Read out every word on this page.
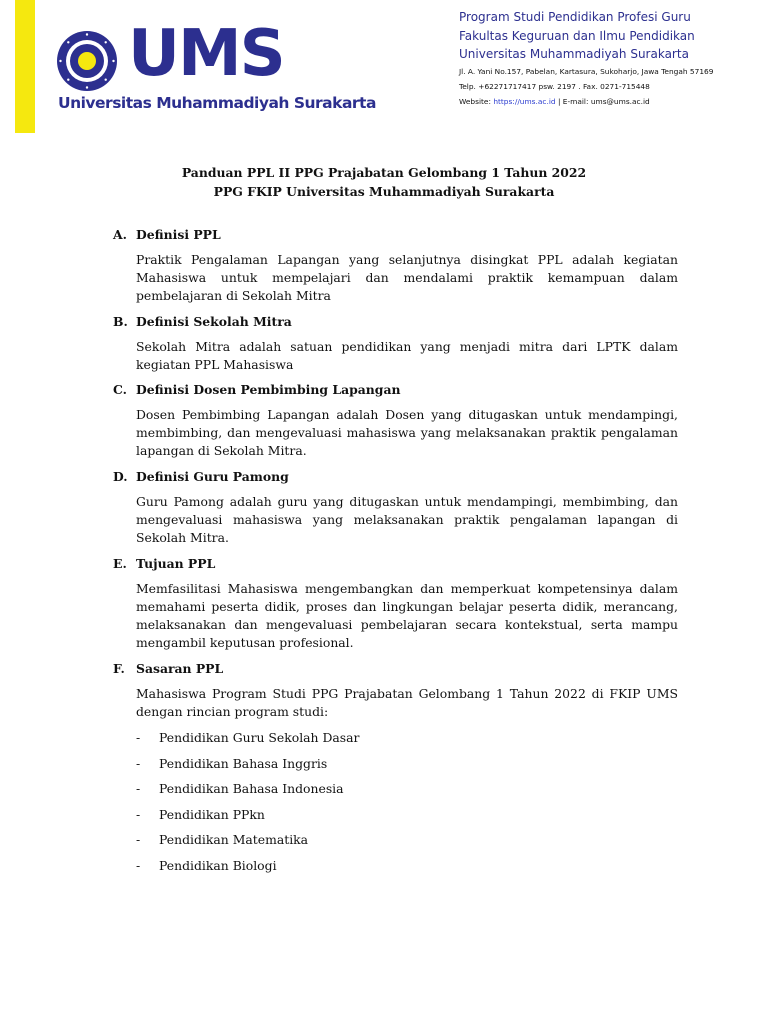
UMS
Universitas Muhammadiyah Surakarta
Program Studi Pendidikan Profesi Guru
Fakultas Keguruan dan Ilmu Pendidikan
Universitas Muhammadiyah Surakarta
Jl. A. Yani No.157, Pabelan, Kartasura, Sukoharjo, Jawa Tengah 57169
Telp. +62271717417 psw. 2197 . Fax. 0271-715448
Website: https://ums.ac.id | E-mail: ums@ums.ac.id
Panduan PPL II PPG Prajabatan Gelombang 1 Tahun 2022
PPG FKIP Universitas Muhammadiyah Surakarta
A. Definisi PPL
Praktik Pengalaman Lapangan yang selanjutnya disingkat PPL adalah kegiatan Mahasiswa untuk mempelajari dan mendalami praktik kemampuan dalam pembelajaran di Sekolah Mitra
B. Definisi Sekolah Mitra
Sekolah Mitra adalah satuan pendidikan yang menjadi mitra dari LPTK dalam kegiatan PPL Mahasiswa
C. Definisi Dosen Pembimbing Lapangan
Dosen Pembimbing Lapangan adalah Dosen yang ditugaskan untuk mendampingi, membimbing, dan mengevaluasi mahasiswa yang melaksanakan praktik pengalaman lapangan di Sekolah Mitra.
D. Definisi Guru Pamong
Guru Pamong adalah guru yang ditugaskan untuk mendampingi, membimbing, dan mengevaluasi mahasiswa yang melaksanakan praktik pengalaman lapangan di Sekolah Mitra.
E. Tujuan PPL
Memfasilitasi Mahasiswa mengembangkan dan memperkuat kompetensinya dalam memahami peserta didik, proses dan lingkungan belajar peserta didik, merancang, melaksanakan dan mengevaluasi pembelajaran secara kontekstual, serta mampu mengambil keputusan profesional.
F. Sasaran PPL
Mahasiswa Program Studi PPG Prajabatan Gelombang 1 Tahun 2022 di FKIP UMS dengan rincian program studi:
- Pendidikan Guru Sekolah Dasar
- Pendidikan Bahasa Inggris
- Pendidikan Bahasa Indonesia
- Pendidikan PPkn
- Pendidikan Matematika
- Pendidikan Biologi
